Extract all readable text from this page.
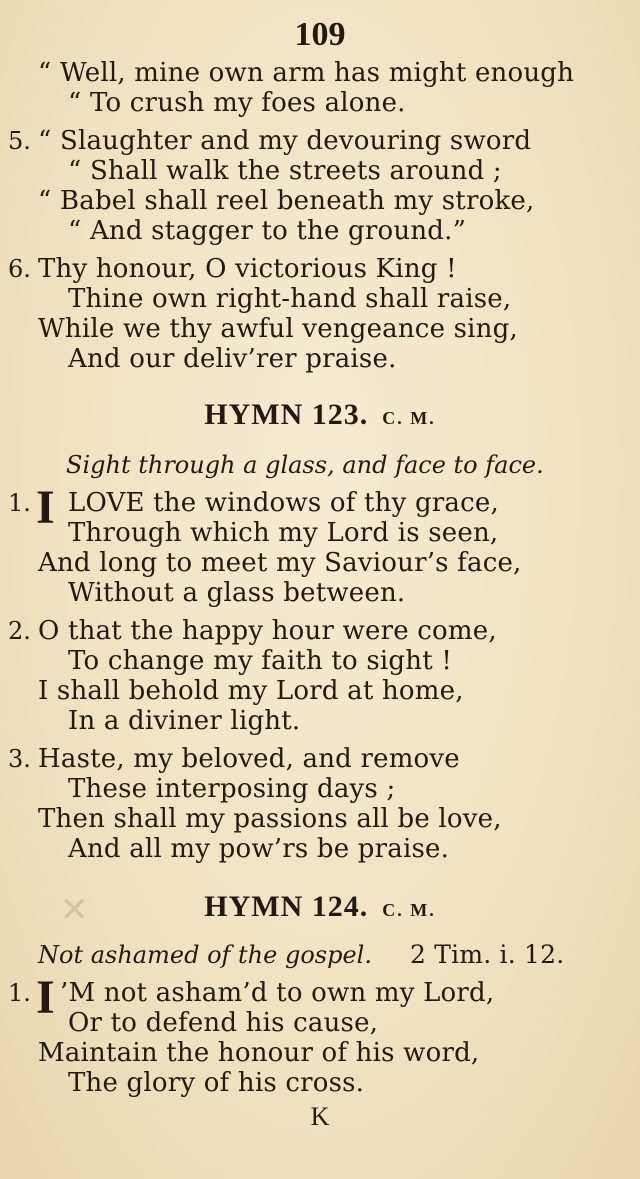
109
“ Well, mine own arm has might enough
“ To crush my foes alone.
5. “ Slaughter and my devouring sword
“ Shall walk the streets around ;
“ Babel shall reel beneath my stroke,
“ And stagger to the ground.”
6. Thy honour, O victorious King !
Thine own right-hand shall raise,
While we thy awful vengeance sing,
And our deliv’rer praise.
HYMN 123. C. M.
Sight through a glass, and face to face.
1. I LOVE the windows of thy grace,
Through which my Lord is seen,
And long to meet my Saviour’s face,
Without a glass between.
2. O that the happy hour were come,
To change my faith to sight !
I shall behold my Lord at home,
In a diviner light.
3. Haste, my beloved, and remove
These interposing days ;
Then shall my passions all be love,
And all my pow’rs be praise.
✕	HYMN 124. C. M.
Not ashamed of the gospel. 2 Tim. i. 12.
1. I ’M not asham’d to own my Lord,
Or to defend his cause,
Maintain the honour of his word,
The glory of his cross.
K
